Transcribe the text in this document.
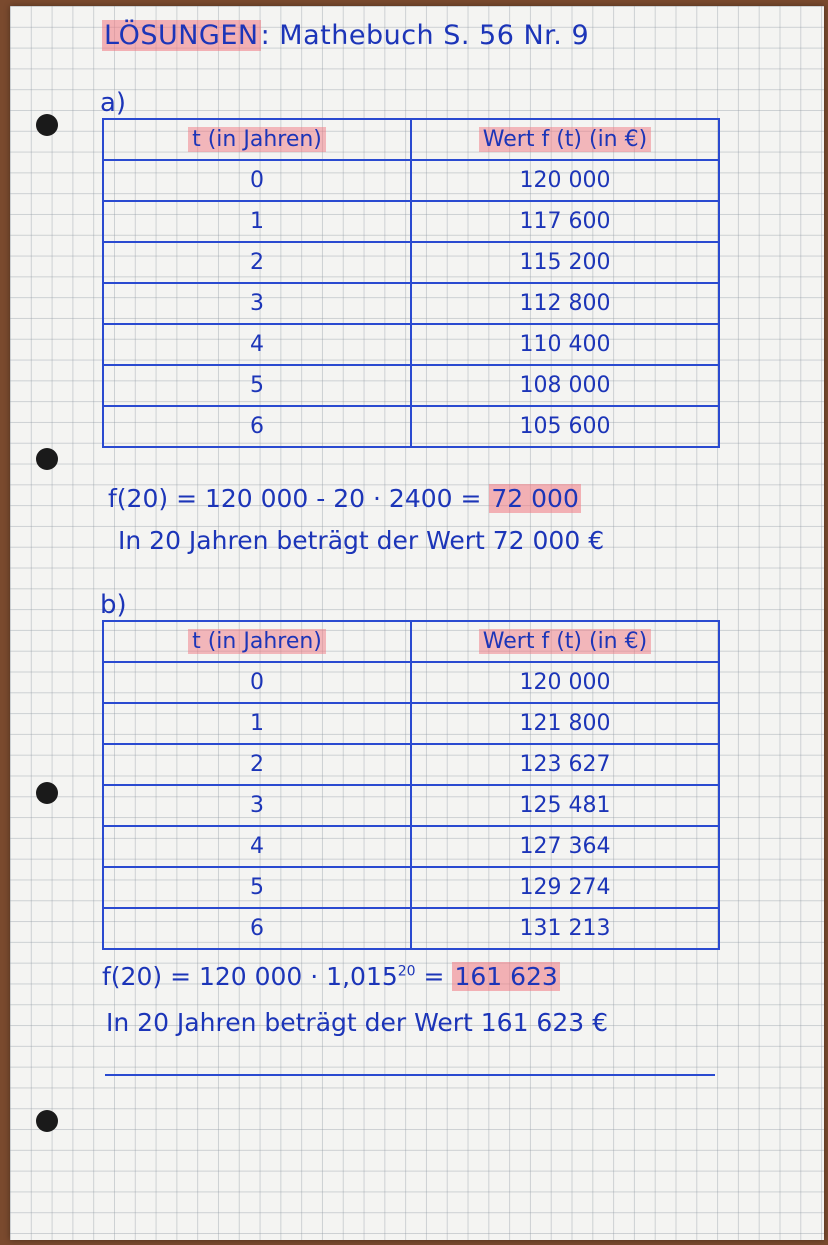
LÖSUNGEN: Mathebuch S. 56 Nr. 9
a)
t (in Jahren)	Wert f (t) (in €)
0	120 000
1	117 600
2	115 200
3	112 800
4	110 400
5	108 000
6	105 600
f(20) = 120 000 - 20 · 2400 = 72 000
In 20 Jahren beträgt der Wert 72 000 €
b)
t (in Jahren)	Wert f (t) (in €)
0	120 000
1	121 800
2	123 627
3	125 481
4	127 364
5	129 274
6	131 213
f(20) = 120 $000 \cdot 1,015^{20} = 161$ 623
In 20 Jahren beträgt der Wert 161 623 €
